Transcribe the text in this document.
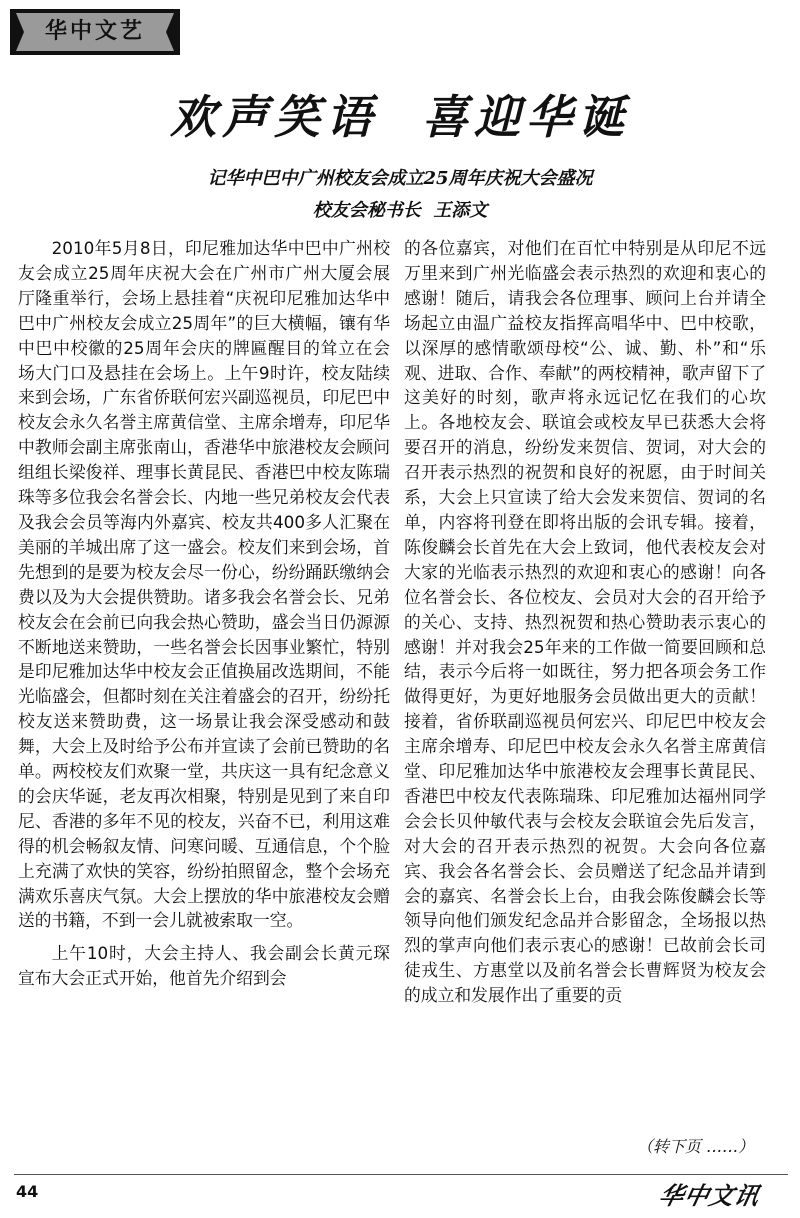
华中文艺
欢声笑语  喜迎华诞
记华中巴中广州校友会成立25周年庆祝大会盛况
校友会秘书长  王添文

2010年5月8日，印尼雅加达华中巴中广州校友会成立25周年庆祝大会在广州市广州大厦会展厅隆重举行，会场上悬挂着“庆祝印尼雅加达华中巴中广州校友会成立25周年”的巨大横幅，镶有华中巴中校徽的25周年会庆的牌匾醒目的耸立在会场大门口及悬挂在会场上。上午9时许，校友陆续来到会场，广东省侨联何宏兴副巡视员，印尼巴中校友会永久名誉主席黄信堂、主席余增寿，印尼华中教师会副主席张南山，香港华中旅港校友会顾问组组长梁俊祥、理事长黄昆民、香港巴中校友陈瑞珠等多位我会名誉会长、内地一些兄弟校友会代表及我会会员等海内外嘉宾、校友共400多人汇聚在美丽的羊城出席了这一盛会。校友们来到会场，首先想到的是要为校友会尽一份心，纷纷踊跃缴纳会费以及为大会提供赞助。诸多我会名誉会长、兄弟校友会在会前已向我会热心赞助，盛会当日仍源源不断地送来赞助，一些名誉会长因事业繁忙，特别是印尼雅加达华中校友会正值换届改选期间，不能光临盛会，但都时刻在关注着盛会的召开，纷纷托校友送来赞助费，这一场景让我会深受感动和鼓舞，大会上及时给予公布并宣读了会前已赞助的名单。两校校友们欢聚一堂，共庆这一具有纪念意义的会庆华诞，老友再次相聚，特别是见到了来自印尼、香港的多年不见的校友，兴奋不已，利用这难得的机会畅叙友情、问寒问暖、互通信息，个个脸上充满了欢快的笑容，纷纷拍照留念，整个会场充满欢乐喜庆气氛。大会上摆放的华中旅港校友会赠送的书籍，不到一会儿就被索取一空。

上午10时，大会主持人、我会副会长黄元琛宣布大会正式开始，他首先介绍到会

的各位嘉宾，对他们在百忙中特别是从印尼不远万里来到广州光临盛会表示热烈的欢迎和衷心的感谢！随后，请我会各位理事、顾问上台并请全场起立由温广益校友指挥高唱华中、巴中校歌，以深厚的感情歌颂母校“公、诚、勤、朴”和“乐观、进取、合作、奉献”的两校精神，歌声留下了这美好的时刻，歌声将永远记忆在我们的心坎上。各地校友会、联谊会或校友早已获悉大会将要召开的消息，纷纷发来贺信、贺词，对大会的召开表示热烈的祝贺和良好的祝愿，由于时间关系，大会上只宣读了给大会发来贺信、贺词的名单，内容将刊登在即将出版的会讯专辑。接着，陈俊麟会长首先在大会上致词，他代表校友会对大家的光临表示热烈的欢迎和衷心的感谢！向各位名誉会长、各位校友、会员对大会的召开给予的关心、支持、热烈祝贺和热心赞助表示衷心的感谢！并对我会25年来的工作做一简要回顾和总结，表示今后将一如既往，努力把各项会务工作做得更好，为更好地服务会员做出更大的贡献！接着，省侨联副巡视员何宏兴、印尼巴中校友会主席余增寿、印尼巴中校友会永久名誉主席黄信堂、印尼雅加达华中旅港校友会理事长黄昆民、香港巴中校友代表陈瑞珠、印尼雅加达福州同学会会长贝仲敏代表与会校友会联谊会先后发言，对大会的召开表示热烈的祝贺。大会向各位嘉宾、我会各名誉会长、会员赠送了纪念品并请到会的嘉宾、名誉会长上台，由我会陈俊麟会长等领导向他们颁发纪念品并合影留念，全场报以热烈的掌声向他们表示衷心的感谢！已故前会长司徒戎生、方惠堂以及前名誉会长曹辉贤为校友会的成立和发展作出了重要的贡

（转下页 ……）
44	华中文讯
